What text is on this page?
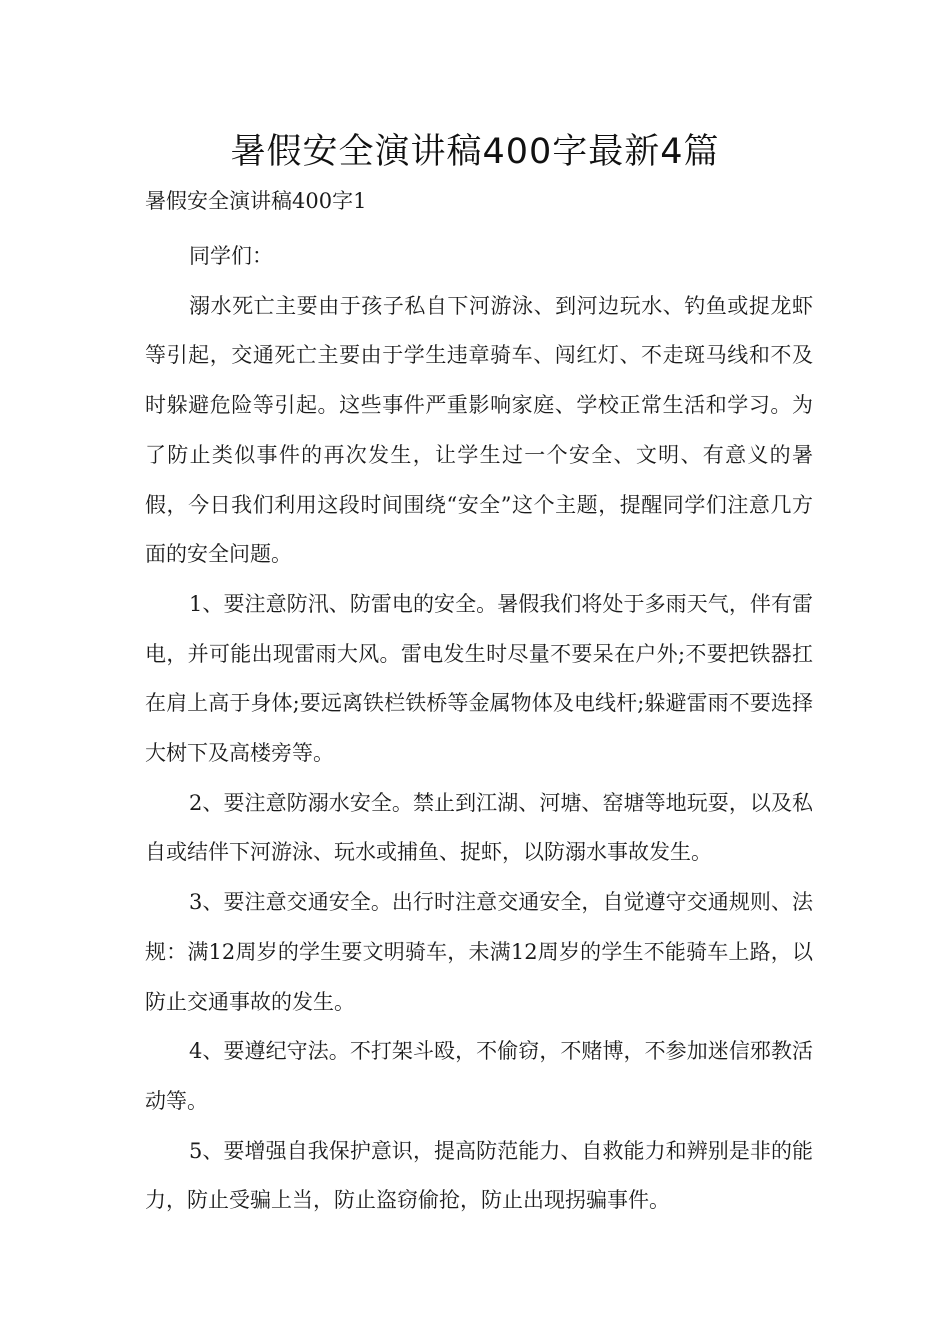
暑假安全演讲稿400字最新4篇

暑假安全演讲稿400字1

同学们：

溺水死亡主要由于孩子私自下河游泳、到河边玩水、钓鱼或捉龙虾等引起，交通死亡主要由于学生违章骑车、闯红灯、不走斑马线和不及时躲避危险等引起。这些事件严重影响家庭、学校正常生活和学习。为了防止类似事件的再次发生，让学生过一个安全、文明、有意义的暑假，今日我们利用这段时间围绕“安全”这个主题，提醒同学们注意几方面的安全问题。

1、要注意防汛、防雷电的安全。暑假我们将处于多雨天气，伴有雷电，并可能出现雷雨大风。雷电发生时尽量不要呆在户外;不要把铁器扛在肩上高于身体;要远离铁栏铁桥等金属物体及电线杆;躲避雷雨不要选择大树下及高楼旁等。

2、要注意防溺水安全。禁止到江湖、河塘、窑塘等地玩耍，以及私自或结伴下河游泳、玩水或捕鱼、捉虾，以防溺水事故发生。

3、要注意交通安全。出行时注意交通安全，自觉遵守交通规则、法规：满12周岁的学生要文明骑车，未满12周岁的学生不能骑车上路，以防止交通事故的发生。

4、要遵纪守法。不打架斗殴，不偷窃，不赌博，不参加迷信邪教活动等。

5、要增强自我保护意识，提高防范能力、自救能力和辨别是非的能力，防止受骗上当，防止盗窃偷抢，防止出现拐骗事件。
